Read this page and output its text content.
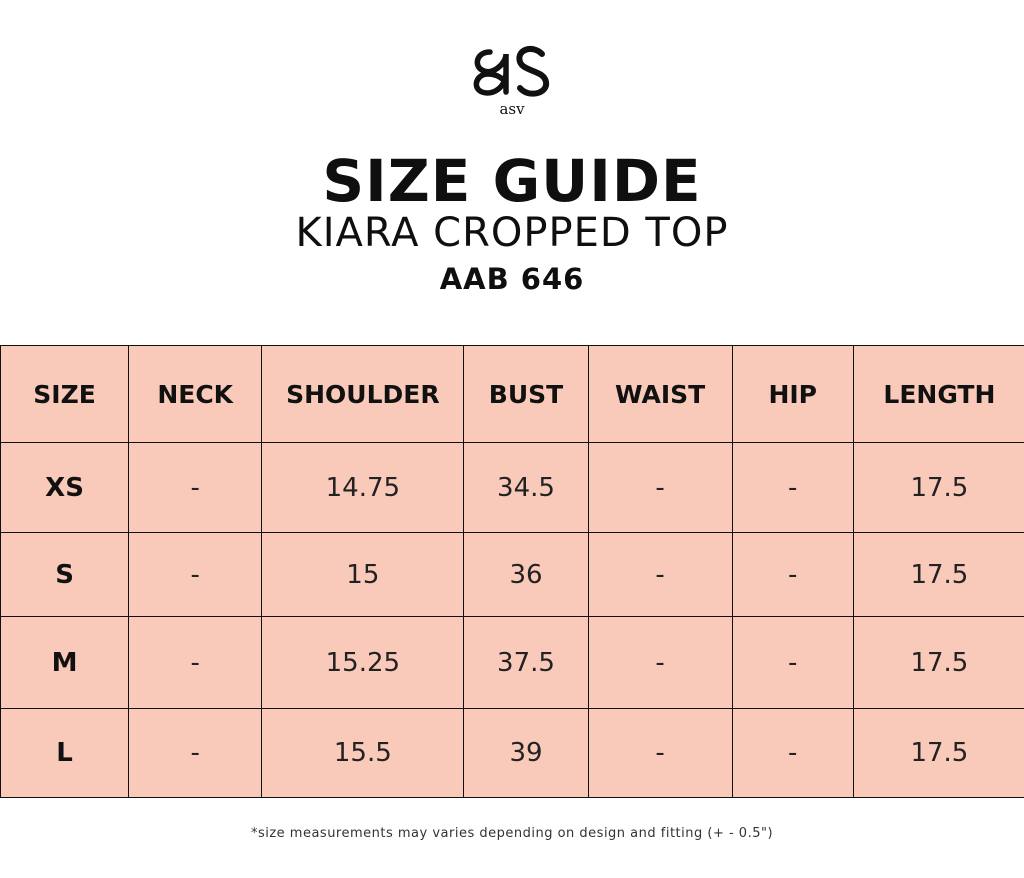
asv
SIZE GUIDE
KIARA CROPPED TOP
AAB 646
SIZE	NECK	SHOULDER	BUST	WAIST	HIP	LENGTH
XS	-	14.75	34.5	-	-	17.5
S	-	15	36	-	-	17.5
M	-	15.25	37.5	-	-	17.5
L	-	15.5	39	-	-	17.5
*size measurements may varies depending on design and fitting (+ - 0.5")
